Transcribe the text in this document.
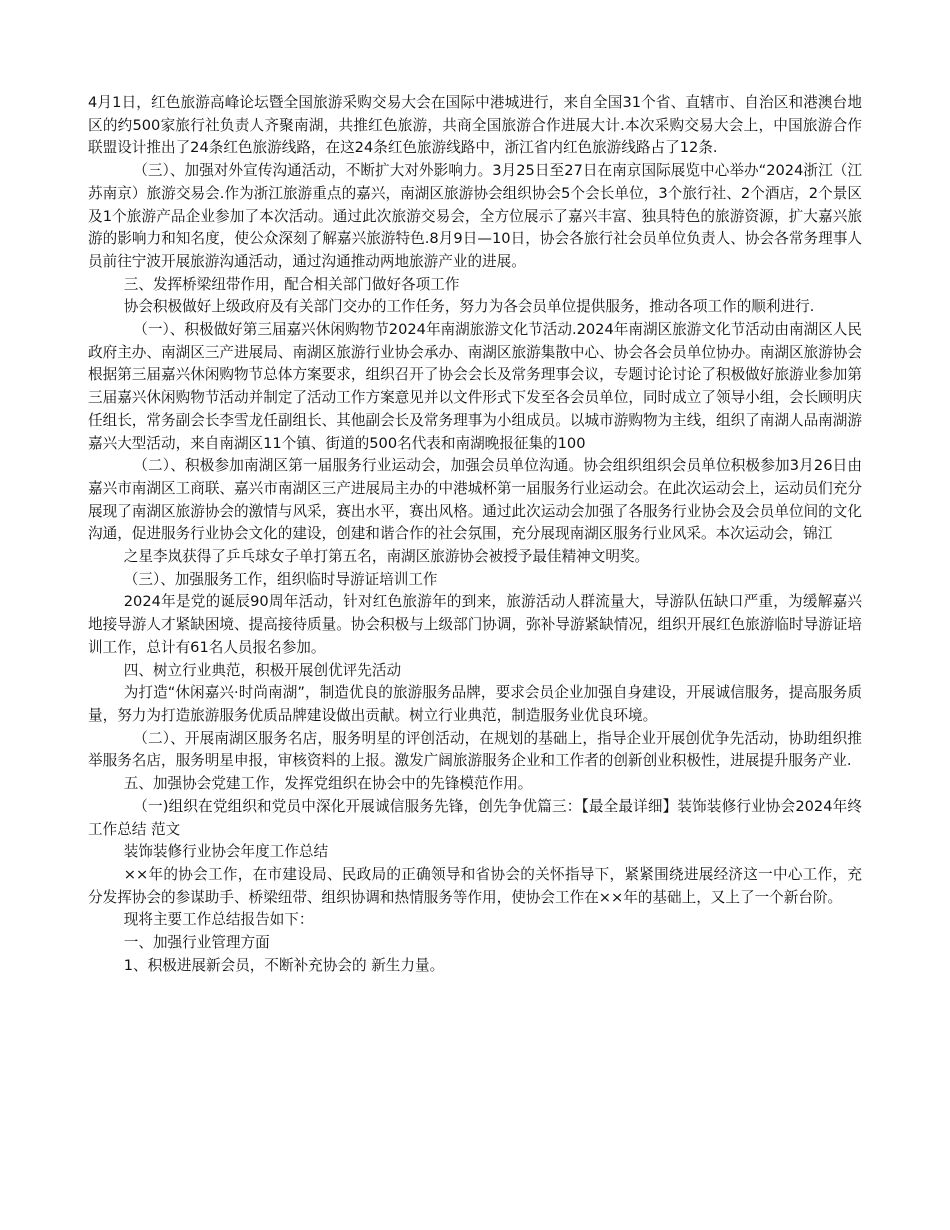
4月1日，红色旅游高峰论坛暨全国旅游采购交易大会在国际中港城进行，来自全国31个省、直辖市、自治区和港澳台地区的约500家旅行社负责人齐聚南湖，共推红色旅游，共商全国旅游合作进展大计.本次采购交易大会上，中国旅游合作联盟设计推出了24条红色旅游线路，在这24条红色旅游线路中，浙江省内红色旅游线路占了12条.

（三）、加强对外宣传沟通活动，不断扩大对外影响力。3月25日至27日在南京国际展览中心举办“2024浙江（江苏南京）旅游交易会.作为浙江旅游重点的嘉兴，南湖区旅游协会组织协会5个会长单位，3个旅行社、2个酒店，2个景区及1个旅游产品企业参加了本次活动。通过此次旅游交易会，全方位展示了嘉兴丰富、独具特色的旅游资源，扩大嘉兴旅游的影响力和知名度，使公众深刻了解嘉兴旅游特色.8月9日—10日，协会各旅行社会员单位负责人、协会各常务理事人员前往宁波开展旅游沟通活动，通过沟通推动两地旅游产业的进展。

三、发挥桥梁纽带作用，配合相关部门做好各项工作

协会积极做好上级政府及有关部门交办的工作任务，努力为各会员单位提供服务，推动各项工作的顺利进行.

（一）、积极做好第三届嘉兴休闲购物节2024年南湖旅游文化节活动.2024年南湖区旅游文化节活动由南湖区人民政府主办、南湖区三产进展局、南湖区旅游行业协会承办、南湖区旅游集散中心、协会各会员单位协办。南湖区旅游协会根据第三届嘉兴休闲购物节总体方案要求，组织召开了协会会长及常务理事会议，专题讨论讨论了积极做好旅游业参加第三届嘉兴休闲购物节活动并制定了活动工作方案意见并以文件形式下发至各会员单位，同时成立了领导小组，会长顾明庆任组长，常务副会长李雪龙任副组长、其他副会长及常务理事为小组成员。以城市游购物为主线，组织了南湖人品南湖游嘉兴大型活动，来自南湖区11个镇、街道的500名代表和南湖晚报征集的100

（二）、积极参加南湖区第一届服务行业运动会，加强会员单位沟通。协会组织组织会员单位积极参加3月26日由嘉兴市南湖区工商联、嘉兴市南湖区三产进展局主办的中港城杯第一届服务行业运动会。在此次运动会上，运动员们充分展现了南湖区旅游协会的激情与风采，赛出水平，赛出风格。通过此次运动会加强了各服务行业协会及会员单位间的文化沟通，促进服务行业协会文化的建设，创建和谐合作的社会氛围，充分展现南湖区服务行业风采。本次运动会，锦江

之星李岚获得了乒乓球女子单打第五名，南湖区旅游协会被授予最佳精神文明奖。

（三）、加强服务工作，组织临时导游证培训工作

2024年是党的诞辰90周年活动，针对红色旅游年的到来，旅游活动人群流量大，导游队伍缺口严重，为缓解嘉兴地接导游人才紧缺困境、提高接待质量。协会积极与上级部门协调，弥补导游紧缺情况，组织开展红色旅游临时导游证培训工作，总计有61名人员报名参加。

四、树立行业典范，积极开展创优评先活动

为打造“休闲嘉兴·时尚南湖”，制造优良的旅游服务品牌，要求会员企业加强自身建设，开展诚信服务，提高服务质量，努力为打造旅游服务优质品牌建设做出贡献。树立行业典范，制造服务业优良环境。

（二）、开展南湖区服务名店，服务明星的评创活动，在规划的基础上，指导企业开展创优争先活动，协助组织推举服务名店，服务明星申报，审核资料的上报。激发广阔旅游服务企业和工作者的创新创业积极性，进展提升服务产业.

五、加强协会党建工作，发挥党组织在协会中的先锋模范作用。

（一)组织在党组织和党员中深化开展诚信服务先锋，创先争优篇三：【最全最详细】装饰装修行业协会2024年终工作总结 范文

装饰装修行业协会年度工作总结

××年的协会工作，在市建设局、民政局的正确领导和省协会的关怀指导下，紧紧围绕进展经济这一中心工作，充分发挥协会的参谋助手、桥梁纽带、组织协调和热情服务等作用，使协会工作在××年的基础上，又上了一个新台阶。

现将主要工作总结报告如下：

一、加强行业管理方面

1、积极进展新会员，不断补充协会的 新生力量。
